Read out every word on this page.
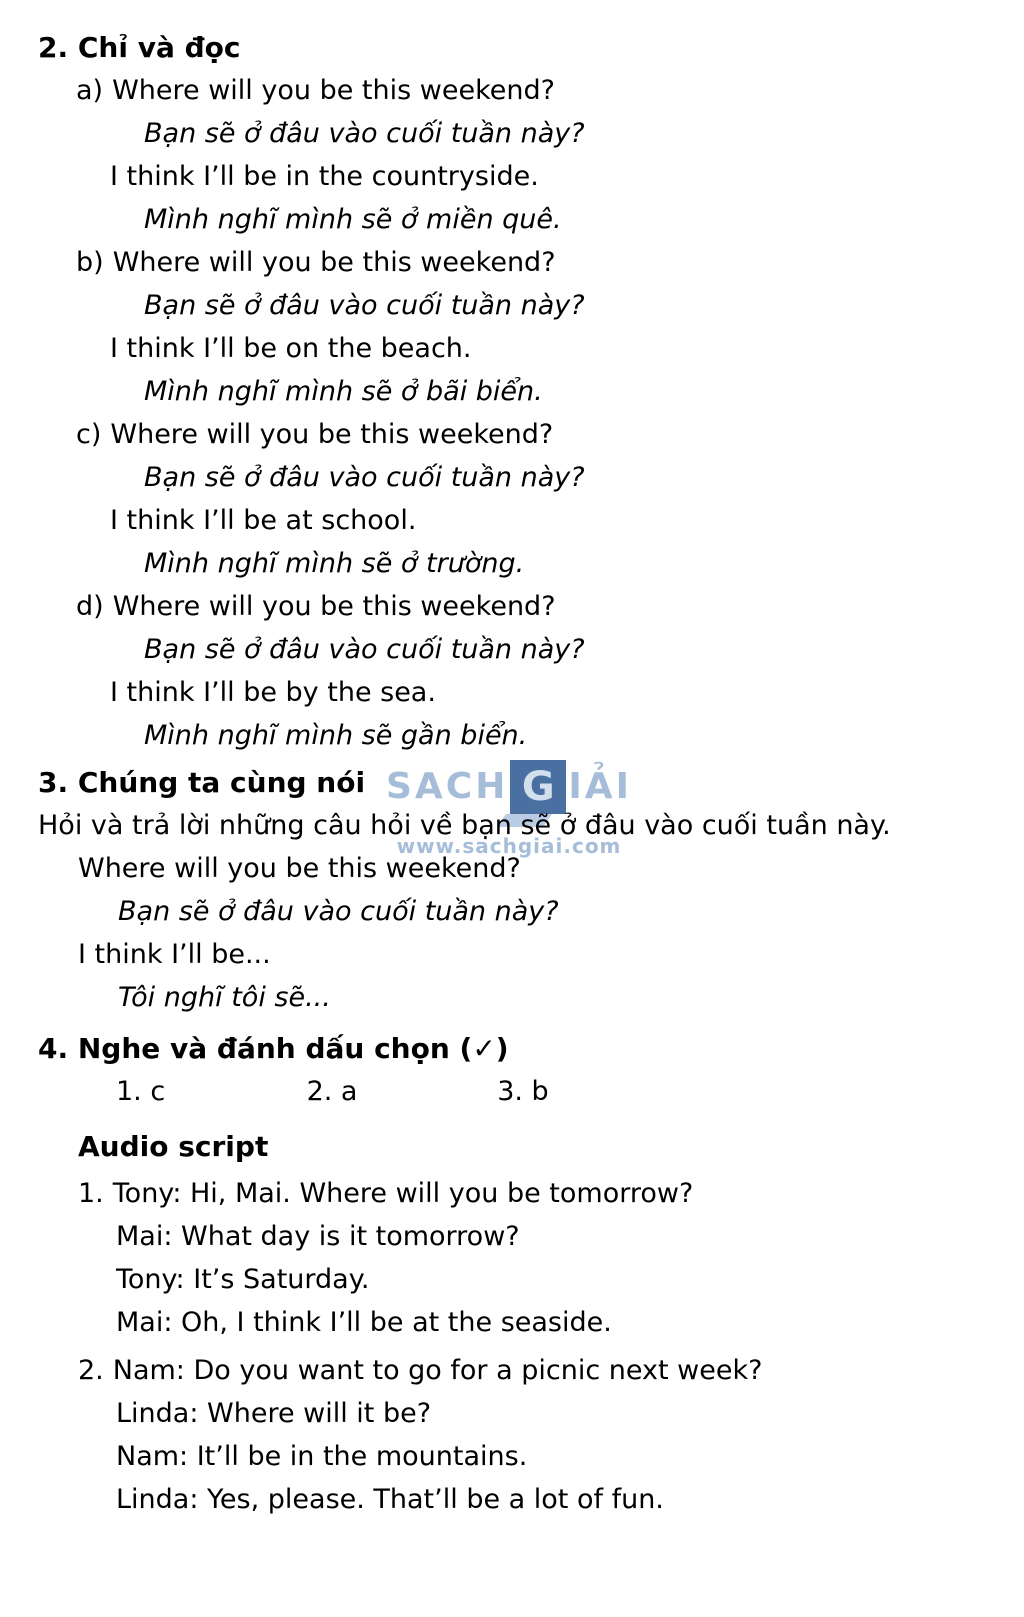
SACH G IẢI
www.sachgiai.com
2. Chỉ và đọc
a) Where will you be this weekend?
Bạn sẽ ở đâu vào cuối tuần này?
I think I’ll be in the countryside.
Mình nghĩ mình sẽ ở miền quê.
b) Where will you be this weekend?
Bạn sẽ ở đâu vào cuối tuần này?
I think I’ll be on the beach.
Mình nghĩ mình sẽ ở bãi biển.
c) Where will you be this weekend?
Bạn sẽ ở đâu vào cuối tuần này?
I think I’ll be at school.
Mình nghĩ mình sẽ ở trường.
d) Where will you be this weekend?
Bạn sẽ ở đâu vào cuối tuần này?
I think I’ll be by the sea.
Mình nghĩ mình sẽ gần biển.
3. Chúng ta cùng nói
Hỏi và trả lời những câu hỏi về bạn sẽ ở đâu vào cuối tuần này.
Where will you be this weekend?
Bạn sẽ ở đâu vào cuối tuần này?
I think I’ll be...
Tôi nghĩ tôi sẽ...
4. Nghe và đánh dấu chọn (✓)
1. c	2. a	3. b
Audio script
1. Tony: Hi, Mai. Where will you be tomorrow?
Mai: What day is it tomorrow?
Tony: It’s Saturday.
Mai: Oh, I think I’ll be at the seaside.
2. Nam: Do you want to go for a picnic next week?
Linda: Where will it be?
Nam: It’ll be in the mountains.
Linda: Yes, please. That’ll be a lot of fun.
